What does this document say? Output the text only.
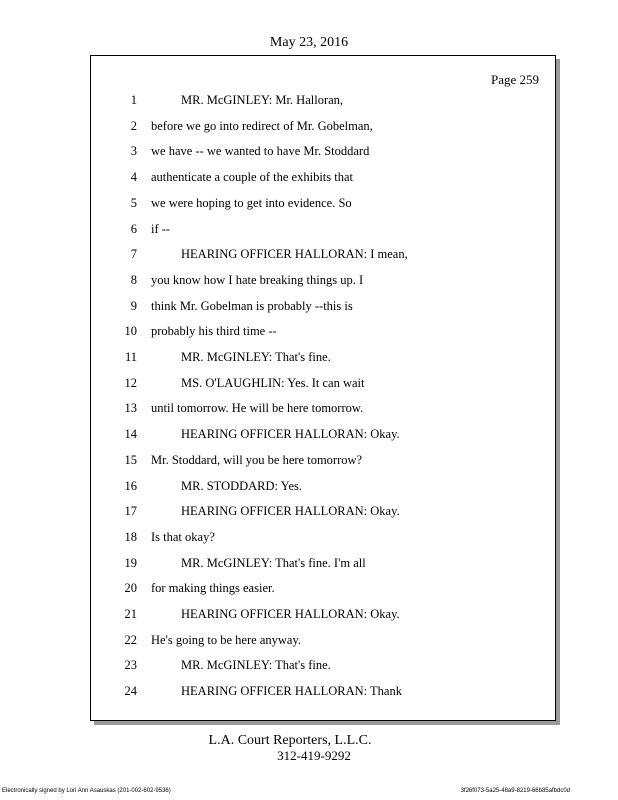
May 23, 2016
Page 259
1	MR. McGINLEY: Mr. Halloran,
2 before we go into redirect of Mr. Gobelman,
3 we have -- we wanted to have Mr. Stoddard
4 authenticate a couple of the exhibits that
5 we were hoping to get into evidence. So
6 if --
7	HEARING OFFICER HALLORAN: I mean,
8 you know how I hate breaking things up. I
9 think Mr. Gobelman is probably --this is
10 probably his third time --
11	MR. McGINLEY: That's fine.
12	MS. O'LAUGHLIN: Yes. It can wait
13 until tomorrow. He will be here tomorrow.
14	HEARING OFFICER HALLORAN: Okay.
15 Mr. Stoddard, will you be here tomorrow?
16	MR. STODDARD: Yes.
17	HEARING OFFICER HALLORAN: Okay.
18 Is that okay?
19	MR. McGINLEY: That's fine. I'm all
20 for making things easier.
21	HEARING OFFICER HALLORAN: Okay.
22 He's going to be here anyway.
23	MR. McGINLEY: That's fine.
24	HEARING OFFICER HALLORAN: Thank
L.A. Court Reporters, L.L.C.
312-419-9292
Electronically signed by Lori Ann Asauskas (201-002-602-9536)	3f26f073-5a25-48a9-8219-66b85afbdc0d
